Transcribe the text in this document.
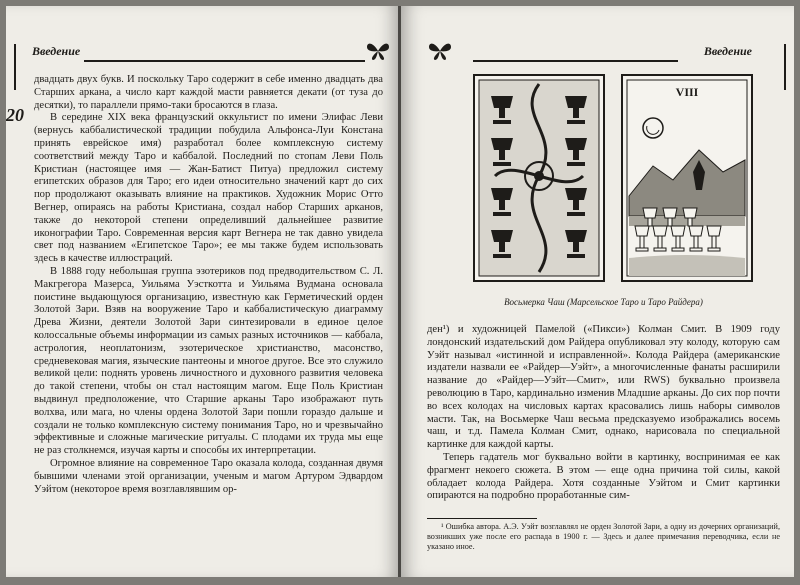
20
Введение

двадцать двух букв. И поскольку Таро содержит в себе именно двадцать два Старших аркана, а число карт каждой масти равняется декати (от туза до десятки), то параллели прямо-таки бросаются в глаза.

В середине XIX века французский оккультист по имени Элифас Леви (вернусь каббалистической традиции побудила Альфонса-Луи Констана принять еврейское имя) разработал более комплексную систему соответствий между Таро и каббалой. Последний по стопам Леви Поль Кристиан (настоящее имя — Жан-Батист Питуа) предложил систему египетских образов для Таро; его идеи относительно значений карт до сих пор продолжают оказывать влияние на практиков. Художник Морис Отто Вегнер, опираясь на работы Кристиана, создал набор Старших арканов, также до некоторой степени определивший дальнейшее развитие иконографии Таро. Современная версия карт Вегнера не так давно увидела свет под названием «Египетское Таро»; ее мы также будем использовать здесь в качестве иллюстраций.

В 1888 году небольшая группа эзотериков под предводительством С. Л. Макгрегора Мазерса, Уильяма Уэсткотта и Уильяма Вудмана основала поистине выдающуюся организацию, известную как Герметический орден Золотой Зари. Взяв на вооружение Таро и каббалистическую диаграмму Древа Жизни, деятели Золотой Зари синтезировали в единое целое колоссальные объемы информации из самых разных источников — каббала, астрология, неоплатонизм, эзотерическое христианство, масонство, средневековая магия, языческие пантеоны и многое другое. Все это служило великой цели: поднять уровень личностного и духовного развития человека до такой степени, чтобы он стал настоящим магом. Еще Поль Кристиан выдвинул предположение, что Старшие арканы Таро изображают путь волхва, или мага, но члены ордена Золотой Зари пошли гораздо дальше и создали не только комплексную систему понимания Таро, но и чрезвычайно эффективные и сложные магические ритуалы. С плодами их труда мы еще не раз столкнемся, изучая карты и способы их интерпретации.

Огромное влияние на современное Таро оказала колода, созданная двумя бывшими членами этой организации, ученым и магом Артуром Эдвардом Уэйтом (некоторое время возглавлявшим ор-

Введение
VIII
Восьмерка Чаш (Марсельское Таро и Таро Райдера)

ден¹) и художницей Памелой («Пикси») Колман Смит. В 1909 году лондонский издательский дом Райдера опубликовал эту колоду, которую сам Уэйт называл «истинной и исправленной». Колода Райдера (американские издатели назвали ее «Райдер—Уэйт», а многочисленные фанаты расширили название до «Райдер—Уэйт—Смит», или RWS) буквально произвела революцию в Таро, кардинально изменив Младшие арканы. До сих пор почти во всех колодах на числовых картах красовались лишь наборы символов масти. Так, на Восьмерке Чаш весьма предсказуемо изображались восемь чаш, и т.д. Памела Колман Смит, однако, нарисовала по специальной картинке для каждой карты.

Теперь гадатель мог буквально войти в картинку, воспринимая ее как фрагмент некоего сюжета. В этом — еще одна причина той силы, какой обладает колода Райдера. Хотя созданные Уэйтом и Смит картинки опираются на подробно проработанные сим-

¹ Ошибка автора. А.Э. Уэйт возглавлял не орден Золотой Зари, а одну из дочерних организаций, возникших уже после его распада в 1900 г. — Здесь и далее примечания переводчика, если не указано иное.
